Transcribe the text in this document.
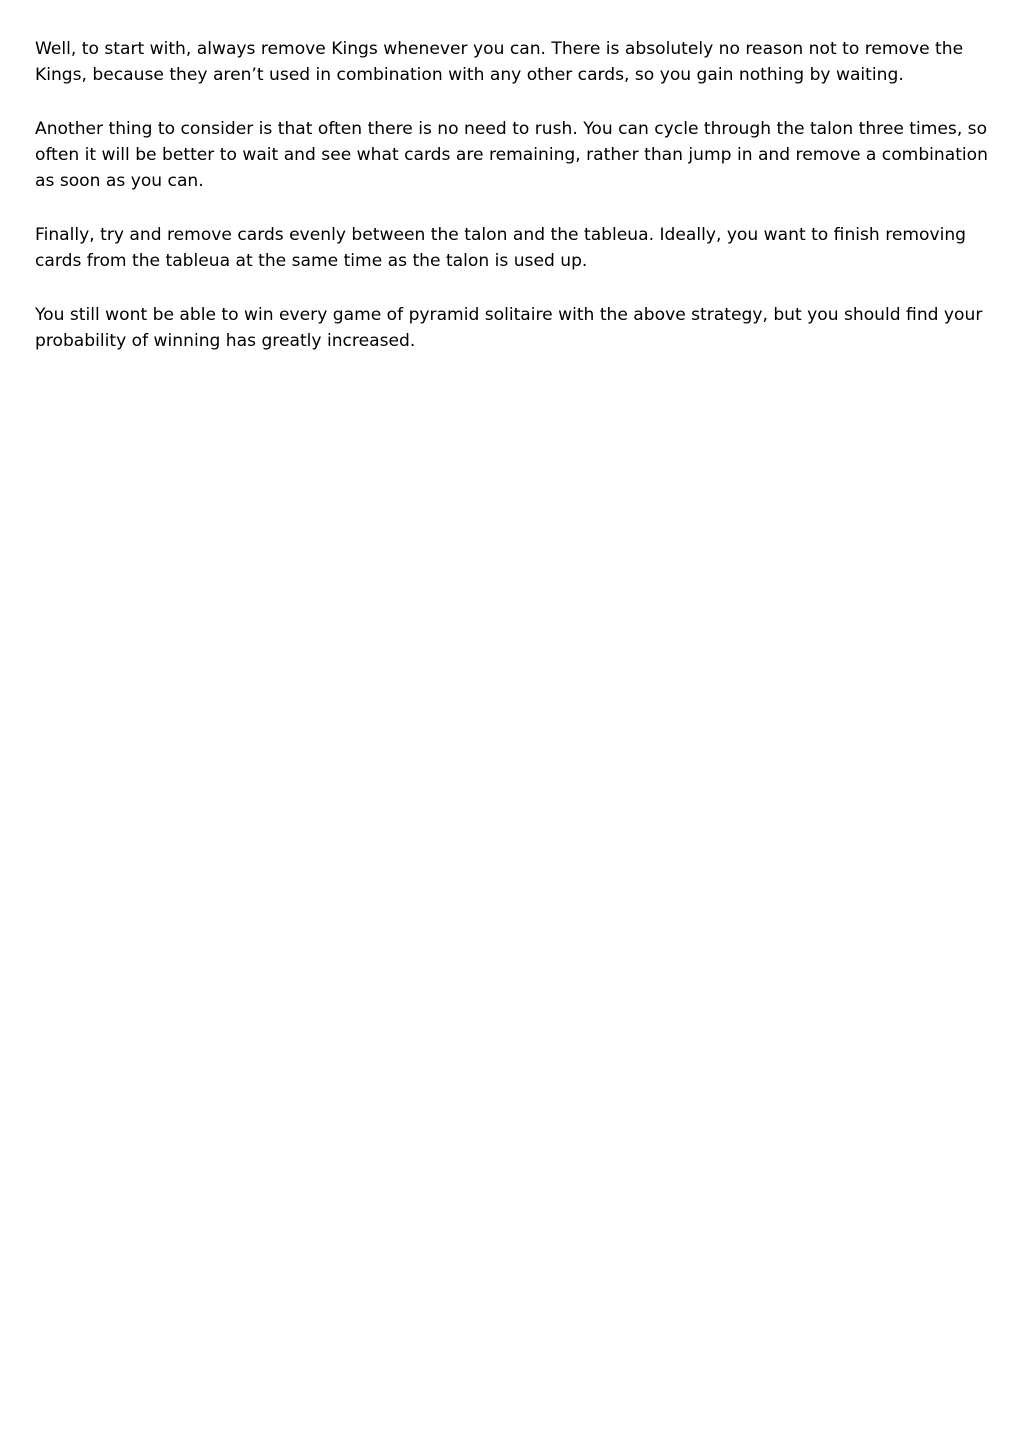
Well, to start with, always remove Kings whenever you can. There is absolutely no reason not to remove the Kings, because they aren’t used in combination with any other cards, so you gain nothing by waiting.

Another thing to consider is that often there is no need to rush. You can cycle through the talon three times, so often it will be better to wait and see what cards are remaining, rather than jump in and remove a combination as soon as you can.

Finally, try and remove cards evenly between the talon and the tableua. Ideally, you want to finish removing cards from the tableua at the same time as the talon is used up.

You still wont be able to win every game of pyramid solitaire with the above strategy, but you should find your probability of winning has greatly increased.
